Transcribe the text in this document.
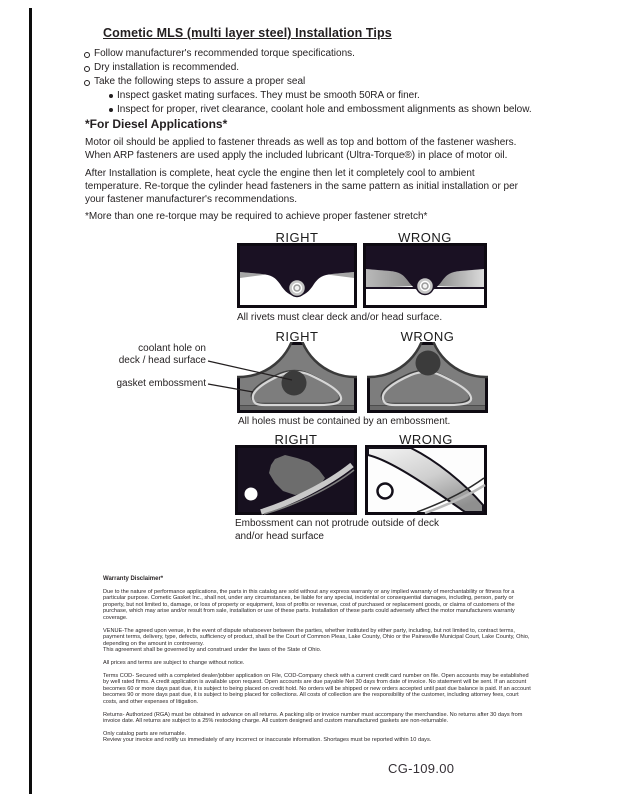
Cometic MLS (multi layer steel) Installation Tips
Follow manufacturer's recommended torque specifications.
Dry installation is recommended.
Take the following steps to assure a proper seal
Inspect gasket mating surfaces. They must be smooth 50RA or finer.
Inspect for proper, rivet clearance, coolant hole and embossment alignments as shown below.
*For Diesel Applications*
Motor oil should be applied to fastener threads as well as top and bottom of the fastener washers. When ARP fasteners are used apply the included lubricant (Ultra-Torque®) in place of motor oil.
After Installation is complete, heat cycle the engine then let it completely cool to ambient temperature. Re-torque the cylinder head fasteners in the same pattern as initial installation or per your fastener manufacturer's recommendations.
*More than one re-torque may be required to achieve proper fastener stretch*
RIGHT	WRONG
All rivets must clear deck and/or head surface.
RIGHT	WRONG
coolant hole on
deck / head surface
gasket embossment
All holes must be contained by an embossment.
RIGHT	WRONG
Embossment can not protrude outside of deck and/or head surface

Warranty Disclaimer*

Due to the nature of performance applications, the parts in this catalog are sold without any express warranty or any implied warranty of merchantability or fitness for a particular purpose. Cometic Gasket Inc., shall not, under any circumstances, be liable for any special, incidental or consequential damages, including, person, party or property, but not limited to, damage, or loss of property or equipment, loss of profits or revenue, cost of purchased or replacement goods, or claims of customers of the purchase, which may arise and/or result from sale, installation or use of these parts. Installation of these parts could adversely affect the motor manufacturers warranty coverage.

VENUE-The agreed upon venue, in the event of dispute whatsoever between the parties, whether instituted by either party, including, but not limited to, contract terms, payment terms, delivery, type, defects, sufficiency of product, shall be the Court of Common Pleas, Lake County, Ohio or the Painesville Municipal Court, Lake County, Ohio, depending on the amount in controversy.

This agreement shall be governed by and construed under the laws of the State of Ohio.

All prices and terms are subject to change without notice.

Terms COD- Secured with a completed dealer/jobber application on File, COD-Company check with a current credit card number on file. Open accounts may be established by well rated firms. A credit application is available upon request. Open accounts are due payable Net 30 days from date of invoice. No statement will be sent. If an account becomes 60 or more days past due, it is subject to being placed on credit hold. No orders will be shipped or new orders accepted until past due balance is paid. If an account becomes 90 or more days past due, it is subject to being placed for collections. All costs of collection are the responsibility of the customer, including attorney fees, court costs, and other expenses of litigation.

Returns- Authorized (RGA) must be obtained in advance on all returns. A packing slip or invoice number must accompany the merchandise. No returns after 30 days from invoice date. All returns are subject to a 25% restocking charge. All custom designed and custom manufactured gaskets are non-returnable.

Only catalog parts are returnable.

Review your invoice and notify us immediately of any incorrect or inaccurate information. Shortages must be reported within 10 days.

CG-109.00
